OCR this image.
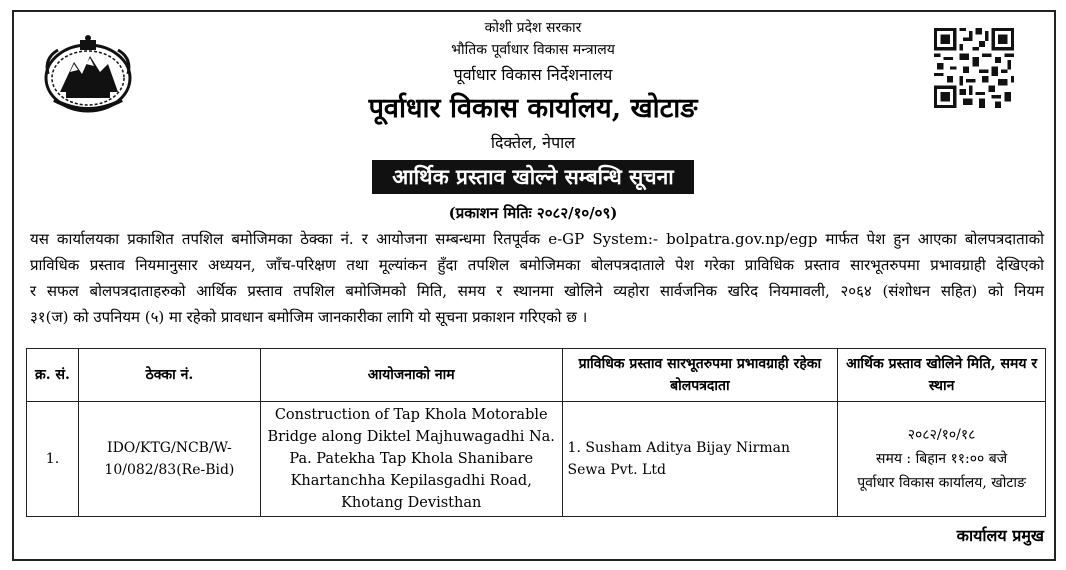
कोशी प्रदेश सरकार
भौतिक पूर्वाधार विकास मन्त्रालय
पूर्वाधार विकास निर्देशनालय
पूर्वाधार विकास कार्यालय, खोटाङ
दिक्तेल, नेपाल
आर्थिक प्रस्ताव खोल्ने सम्बन्धि सूचना
(प्रकाशन मितिः २०८२/१०/०९)
यस कार्यालयका प्रकाशित तपशिल बमोजिमका ठेक्का नं. र आयोजना सम्बन्धमा रितपूर्वक e-GP System:- bolpatra.gov.np/egp मार्फत पेश हुन आएका बोलपत्रदाताको
प्राविधिक प्रस्ताव नियमानुसार अध्ययन, जाँच-परिक्षण तथा मूल्यांकन हुँदा तपशिल बमोजिमका बोलपत्रदाताले पेश गरेका प्राविधिक प्रस्ताव सारभूतरुपमा प्रभावग्राही देखिएको
र सफल बोलपत्रदाताहरुको आर्थिक प्रस्ताव तपशिल बमोजिमको मिति, समय र स्थानमा खोलिने व्यहोरा सार्वजनिक खरिद नियमावली, २०६४ (संशोधन सहित) को नियम
३१(ज) को उपनियम (५) मा रहेको प्रावधान बमोजिम जानकारीका लागि यो सूचना प्रकाशन गरिएको छ ।
क्र. सं.	ठेक्का नं.	आयोजनाको नाम	प्राविधिक प्रस्ताव सारभूतरुपमा प्रभावग्राही रहेका बोलपत्रदाता	आर्थिक प्रस्ताव खोलिने मिति, समय र स्थान
1.	IDO/KTG/NCB/W-10/082/83(Re-Bid)	Construction of Tap Khola Motorable Bridge along Diktel Majhuwagadhi Na. Pa. Patekha Tap Khola Shanibare Khartanchha Kepilasgadhi Road, Khotang Devisthan	1. Susham Aditya Bijay Nirman Sewa Pvt. Ltd	२०८२/१०/१८
समय : बिहान ११:०० बजे
पूर्वाधार विकास कार्यालय, खोटाङ
कार्यालय प्रमुख
